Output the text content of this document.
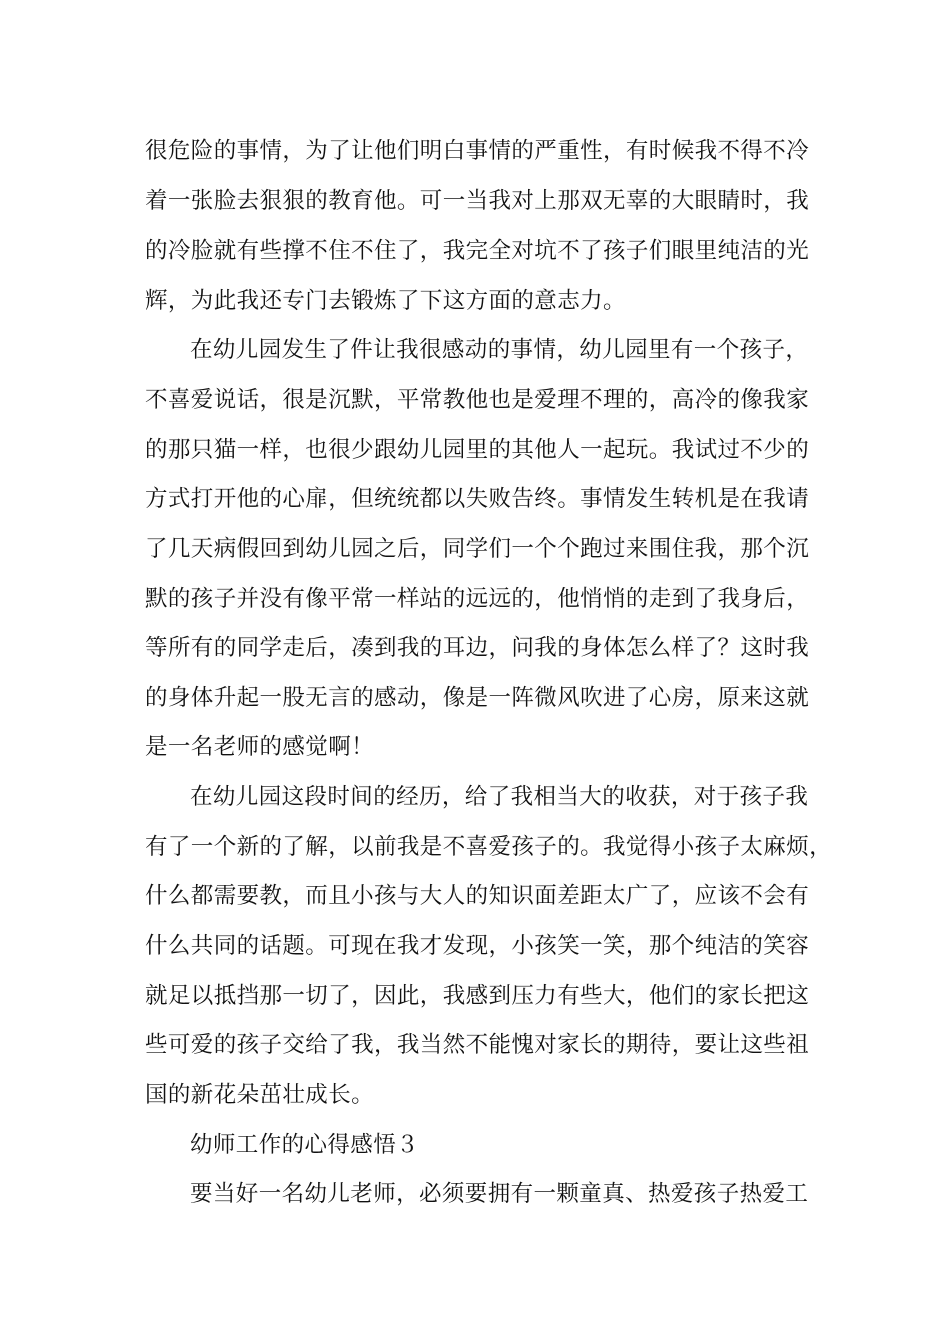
很危险的事情，为了让他们明白事情的严重性，有时候我不得不冷
着一张脸去狠狠的教育他。可一当我对上那双无辜的大眼睛时，我
的冷脸就有些撑不住不住了，我完全对坑不了孩子们眼里纯洁的光
辉，为此我还专门去锻炼了下这方面的意志力。
在幼儿园发生了件让我很感动的事情，幼儿园里有一个孩子，
不喜爱说话，很是沉默，平常教他也是爱理不理的，高冷的像我家
的那只猫一样，也很少跟幼儿园里的其他人一起玩。我试过不少的
方式打开他的心扉，但统统都以失败告终。事情发生转机是在我请
了几天病假回到幼儿园之后，同学们一个个跑过来围住我，那个沉
默的孩子并没有像平常一样站的远远的，他悄悄的走到了我身后，
等所有的同学走后，凑到我的耳边，问我的身体怎么样了？这时我
的身体升起一股无言的感动，像是一阵微风吹进了心房，原来这就
是一名老师的感觉啊！
在幼儿园这段时间的经历，给了我相当大的收获，对于孩子我
有了一个新的了解，以前我是不喜爱孩子的。我觉得小孩子太麻烦，
什么都需要教，而且小孩与大人的知识面差距太广了，应该不会有
什么共同的话题。可现在我才发现，小孩笑一笑，那个纯洁的笑容
就足以抵挡那一切了，因此，我感到压力有些大，他们的家长把这
些可爱的孩子交给了我，我当然不能愧对家长的期待，要让这些祖
国的新花朵茁壮成长。
幼师工作的心得感悟３
要当好一名幼儿老师，必须要拥有一颗童真、热爱孩子热爱工
